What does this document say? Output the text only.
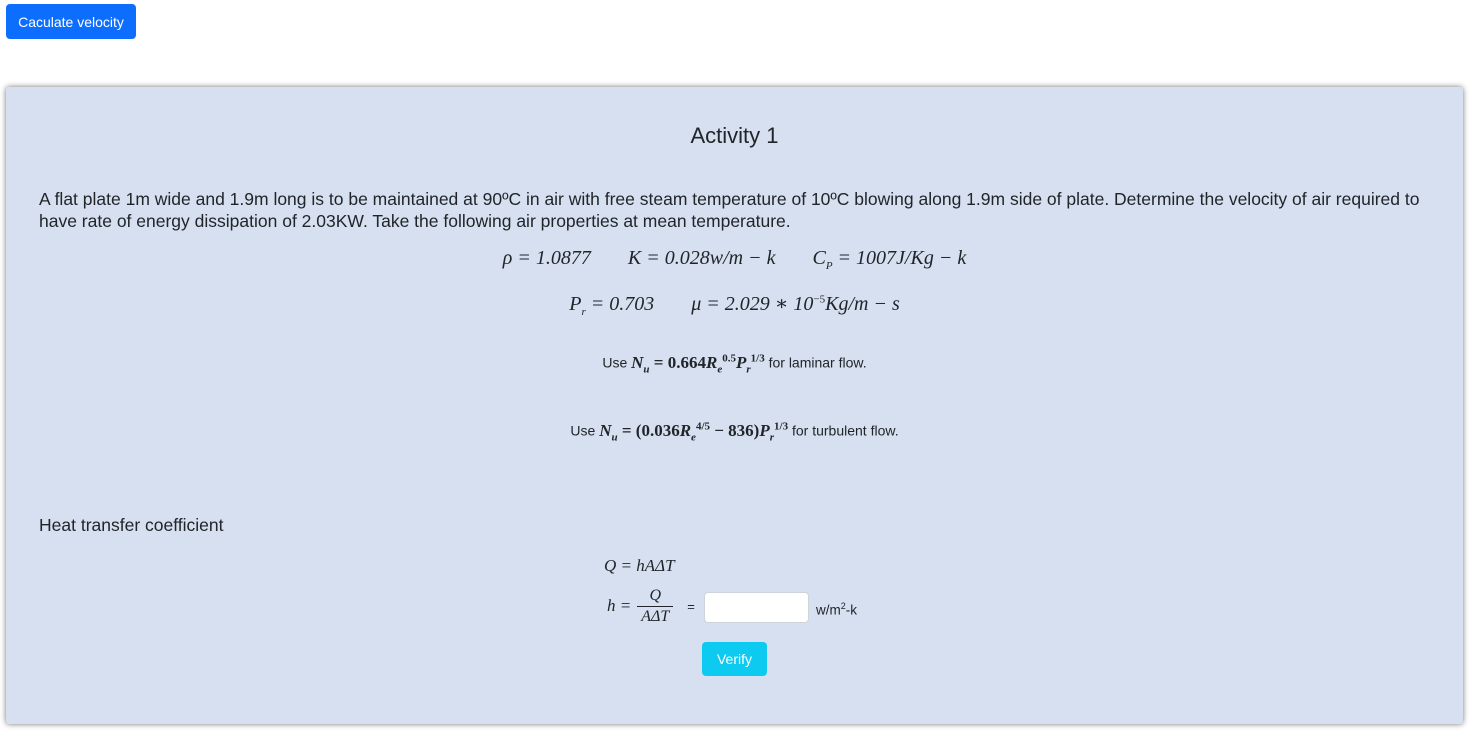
Caculate velocity
Activity 1
A flat plate 1m wide and 1.9m long is to be maintained at 90ºC in air with free steam temperature of 10ºC blowing along 1.9m side of plate. Determine the velocity of air required to have rate of energy dissipation of 2.03KW. Take the following air properties at mean temperature.
ρ = 1.0877 K = 0.028w/m − k $C_P = 1007J/Kg - k$
$P_r = 0.703$ μ = 2.029 ∗ $10^{-5}Kg/m - s$
Use $N_u = 0.664R_e^{0.5}P_r^{1/3}$ for laminar flow.
Use $N_u = (0.036R_e^{4/5} - 836)P_r^{1/3}$ for turbulent flow.
Heat transfer coefficient
Q = hAΔT
$h = \frac{Q}{\text{AΔT}}$ =	$w/m^2-k$
Verify
